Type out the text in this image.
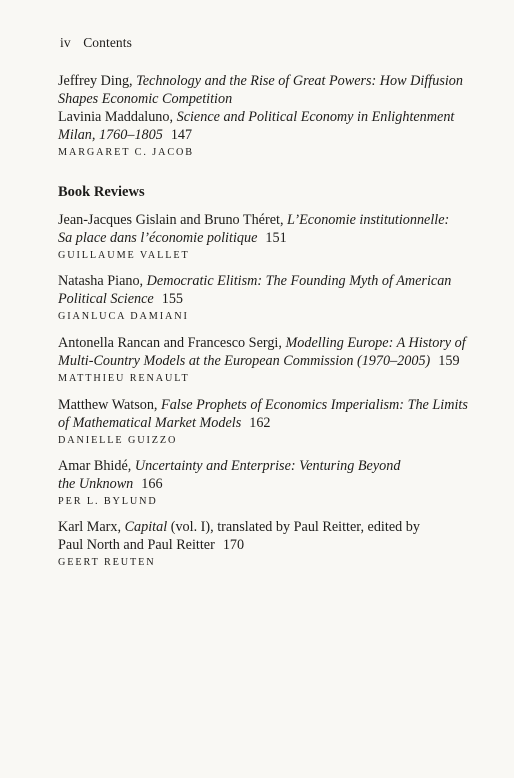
iv Contents
Jeffrey Ding, Technology and the Rise of Great Powers: How Diffusion
Shapes Economic Competition
Lavinia Maddaluno, Science and Political Economy in Enlightenment
Milan, 1760–1805 147
MARGARET C. JACOB
Book Reviews
Jean-Jacques Gislain and Bruno Théret, L’Economie institutionnelle:
Sa place dans l’économie politique 151
GUILLAUME VALLET
Natasha Piano, Democratic Elitism: The Founding Myth of American
Political Science 155
GIANLUCA DAMIANI
Antonella Rancan and Francesco Sergi, Modelling Europe: A History of
Multi-Country Models at the European Commission (1970–2005) 159
MATTHIEU RENAULT
Matthew Watson, False Prophets of Economics Imperialism: The Limits
of Mathematical Market Models 162
DANIELLE GUIZZO
Amar Bhidé, Uncertainty and Enterprise: Venturing Beyond
the Unknown 166
PER L. BYLUND
Karl Marx, Capital (vol. I), translated by Paul Reitter, edited by
Paul North and Paul Reitter 170
GEERT REUTEN
